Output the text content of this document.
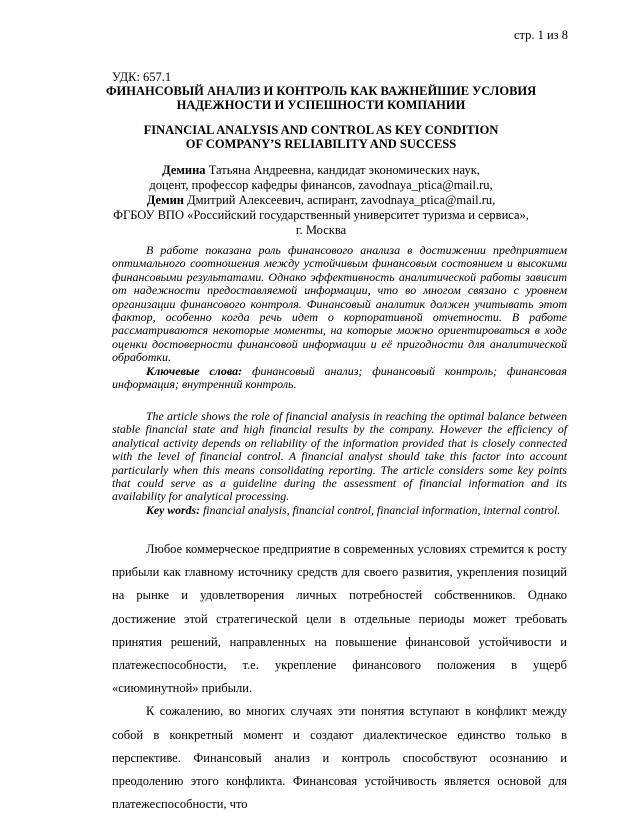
стр. 1 из 8
УДК: 657.1
ФИНАНСОВЫЙ АНАЛИЗ И КОНТРОЛЬ КАК ВАЖНЕЙШИЕ УСЛОВИЯ
НАДЕЖНОСТИ И УСПЕШНОСТИ КОМПАНИИ
FINANCIAL ANALYSIS AND CONTROL AS KEY CONDITION
OF COMPANY’S RELIABILITY AND SUCCESS
Демина Татьяна Андреевна, кандидат экономических наук,
доцент, профессор кафедры финансов, zavodnaya_ptica@mail.ru,
Демин Дмитрий Алексеевич, аспирант, zavodnaya_ptica@mail.ru,
ФГБОУ ВПО «Российский государственный университет туризма и сервиса»,
г. Москва

В работе показана роль финансового анализа в достижении предприятием оптимального соотношения между устойчивым финансовым состоянием и высокими финансовыми результатами. Однако эффективность аналитической работы зависит от надежности предоставляемой информации, что во многом связано с уровнем организации финансового контроля. Финансовый аналитик должен учитывать этот фактор, особенно когда речь идет о корпоративной отчетности. В работе рассматриваются некоторые моменты, на которые можно ориентироваться в ходе оценки достоверности финансовой информации и её пригодности для аналитической обработки.

Ключевые слова: финансовый анализ; финансовый контроль; финансовая информация; внутренний контроль.

The article shows the role of financial analysis in reaching the optimal balance between stable financial state and high financial results by the company. However the efficiency of analytical activity depends on reliability of the information provided that is closely connected with the level of financial control. A financial analyst should take this factor into account particularly when this means consolidating reporting. The article considers some key points that could serve as a guideline during the assessment of financial information and its availability for analytical processing.

Key words: financial analysis, financial control, financial information, internal control.

Любое коммерческое предприятие в современных условиях стремится к росту прибыли как главному источнику средств для своего развития, укрепления позиций на рынке и удовлетворения личных потребностей собственников. Однако достижение этой стратегической цели в отдельные периоды может требовать принятия решений, направленных на повышение финансовой устойчивости и платежеспособности, т.е. укрепление финансового положения в ущерб «сиюминутной» прибыли.

К сожалению, во многих случаях эти понятия вступают в конфликт между собой в конкретный момент и создают диалектическое единство только в перспективе. Финансовый анализ и контроль способствуют осознанию и преодолению этого конфликта. Финансовая устойчивость является основой для платежеспособности, что
